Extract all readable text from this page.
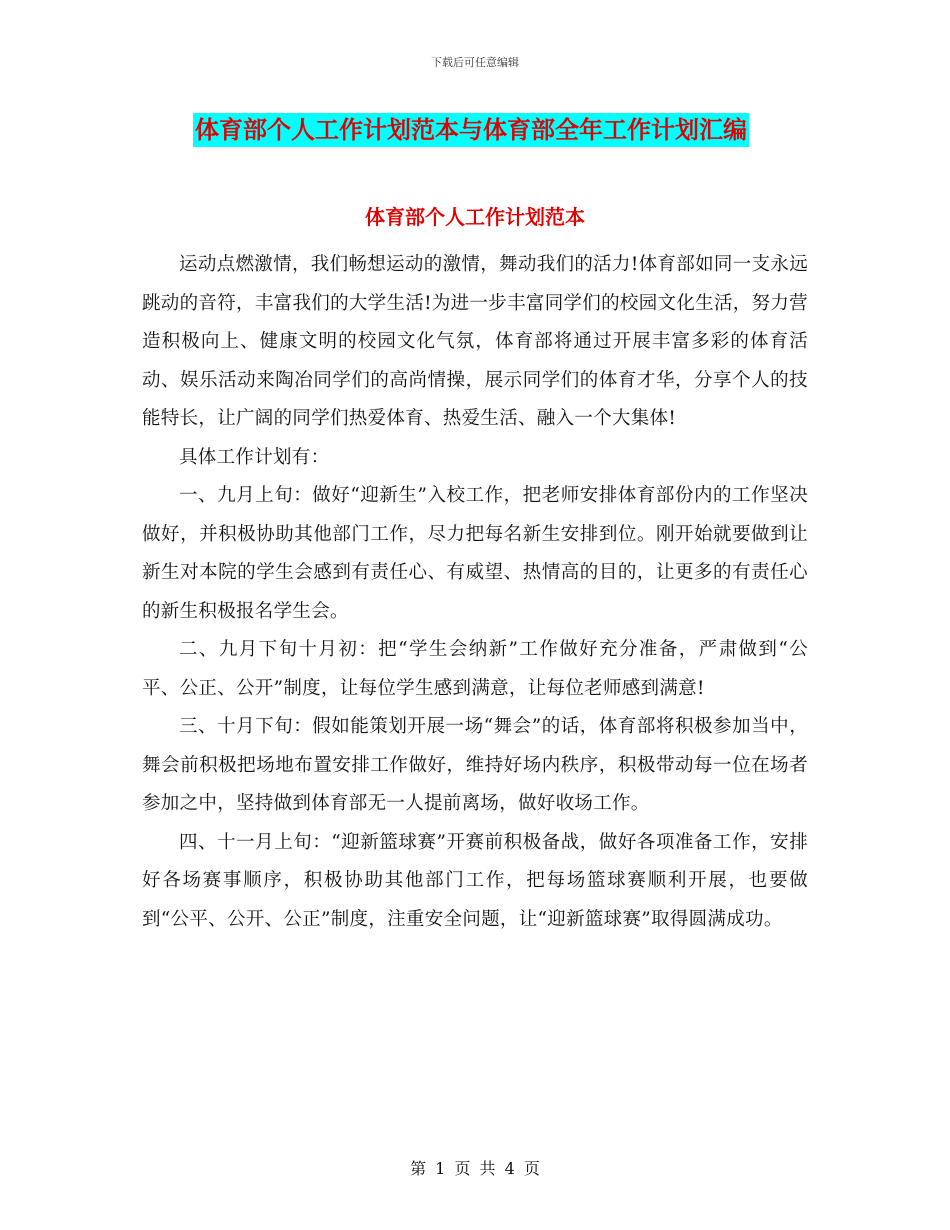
下载后可任意编辑
体育部个人工作计划范本与体育部全年工作计划汇编
体育部个人工作计划范本

运动点燃激情，我们畅想运动的激情，舞动我们的活力!体育部如同一支永远跳动的音符，丰富我们的大学生活!为进一步丰富同学们的校园文化生活，努力营造积极向上、健康文明的校园文化气氛，体育部将通过开展丰富多彩的体育活动、娱乐活动来陶冶同学们的高尚情操，展示同学们的体育才华，分享个人的技能特长，让广阔的同学们热爱体育、热爱生活、融入一个大集体!

具体工作计划有：

一、九月上旬：做好“迎新生”入校工作，把老师安排体育部份内的工作坚决做好，并积极协助其他部门工作，尽力把每名新生安排到位。刚开始就要做到让新生对本院的学生会感到有责任心、有威望、热情高的目的，让更多的有责任心的新生积极报名学生会。

二、九月下旬十月初：把“学生会纳新”工作做好充分准备，严肃做到“公平、公正、公开”制度，让每位学生感到满意，让每位老师感到满意!

三、十月下旬：假如能策划开展一场“舞会”的话，体育部将积极参加当中，舞会前积极把场地布置安排工作做好，维持好场内秩序，积极带动每一位在场者参加之中，坚持做到体育部无一人提前离场，做好收场工作。

四、十一月上旬：“迎新篮球赛”开赛前积极备战，做好各项准备工作，安排好各场赛事顺序，积极协助其他部门工作，把每场篮球赛顺利开展，也要做到“公平、公开、公正”制度，注重安全问题，让“迎新篮球赛”取得圆满成功。

第 1 页 共 4 页
